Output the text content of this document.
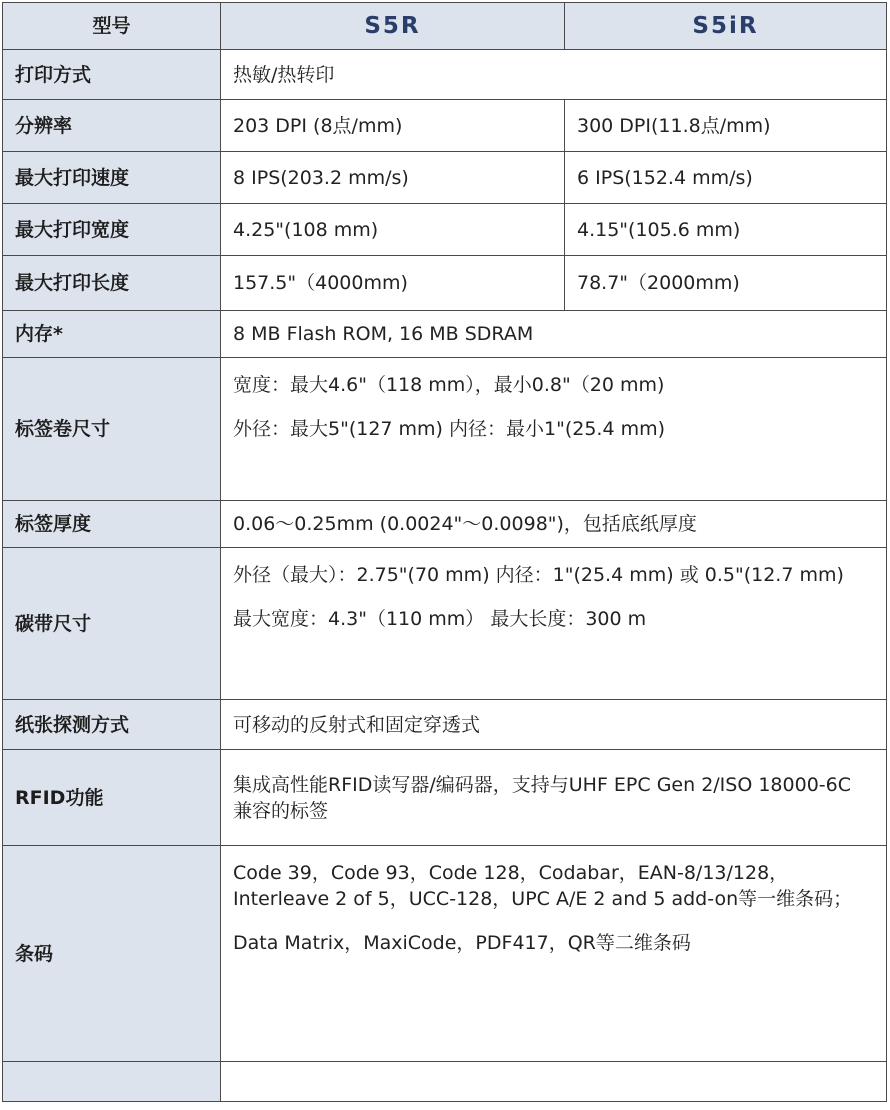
型号	S5R	S5iR
打印方式	热敏/热转印	
分辨率	203 DPI (8点/mm)	300 DPI(11.8点/mm)
最大打印速度	8 IPS(203.2 mm/s)	6 IPS(152.4 mm/s)
最大打印宽度	4.25"(108 mm)	4.15"(105.6 mm)
最大打印长度	157.5"（4000mm)	78.7"（2000mm)
内存*	8 MB Flash ROM, 16 MB SDRAM	
标签卷尺寸	宽度：最大4.6"（118 mm），最小0.8"（20 mm)
外径：最大5"(127 mm) 内径：最小1"(25.4 mm)	

标签厚度	0.06～0.25mm (0.0024"～0.0098")，包括底纸厚度	
碳带尺寸	外径（最大）：2.75"(70 mm) 内径：1"(25.4 mm) 或 0.5"(12.7 mm)
最大宽度：4.3"（110 mm） 最大长度：300 m	

纸张探测方式	可移动的反射式和固定穿透式	
RFID功能	集成高性能RFID读写器/编码器，支持与UHF EPC Gen 2/ISO 18000-6C 兼容的标签	
条码	Code 39，Code 93，Code 128，Codabar，EAN-8/13/128，Interleave 2 of 5，UCC-128，UPC A/E 2 and 5 add-on等一维条码；
Data Matrix，MaxiCode，PDF417，QR等二维条码	
